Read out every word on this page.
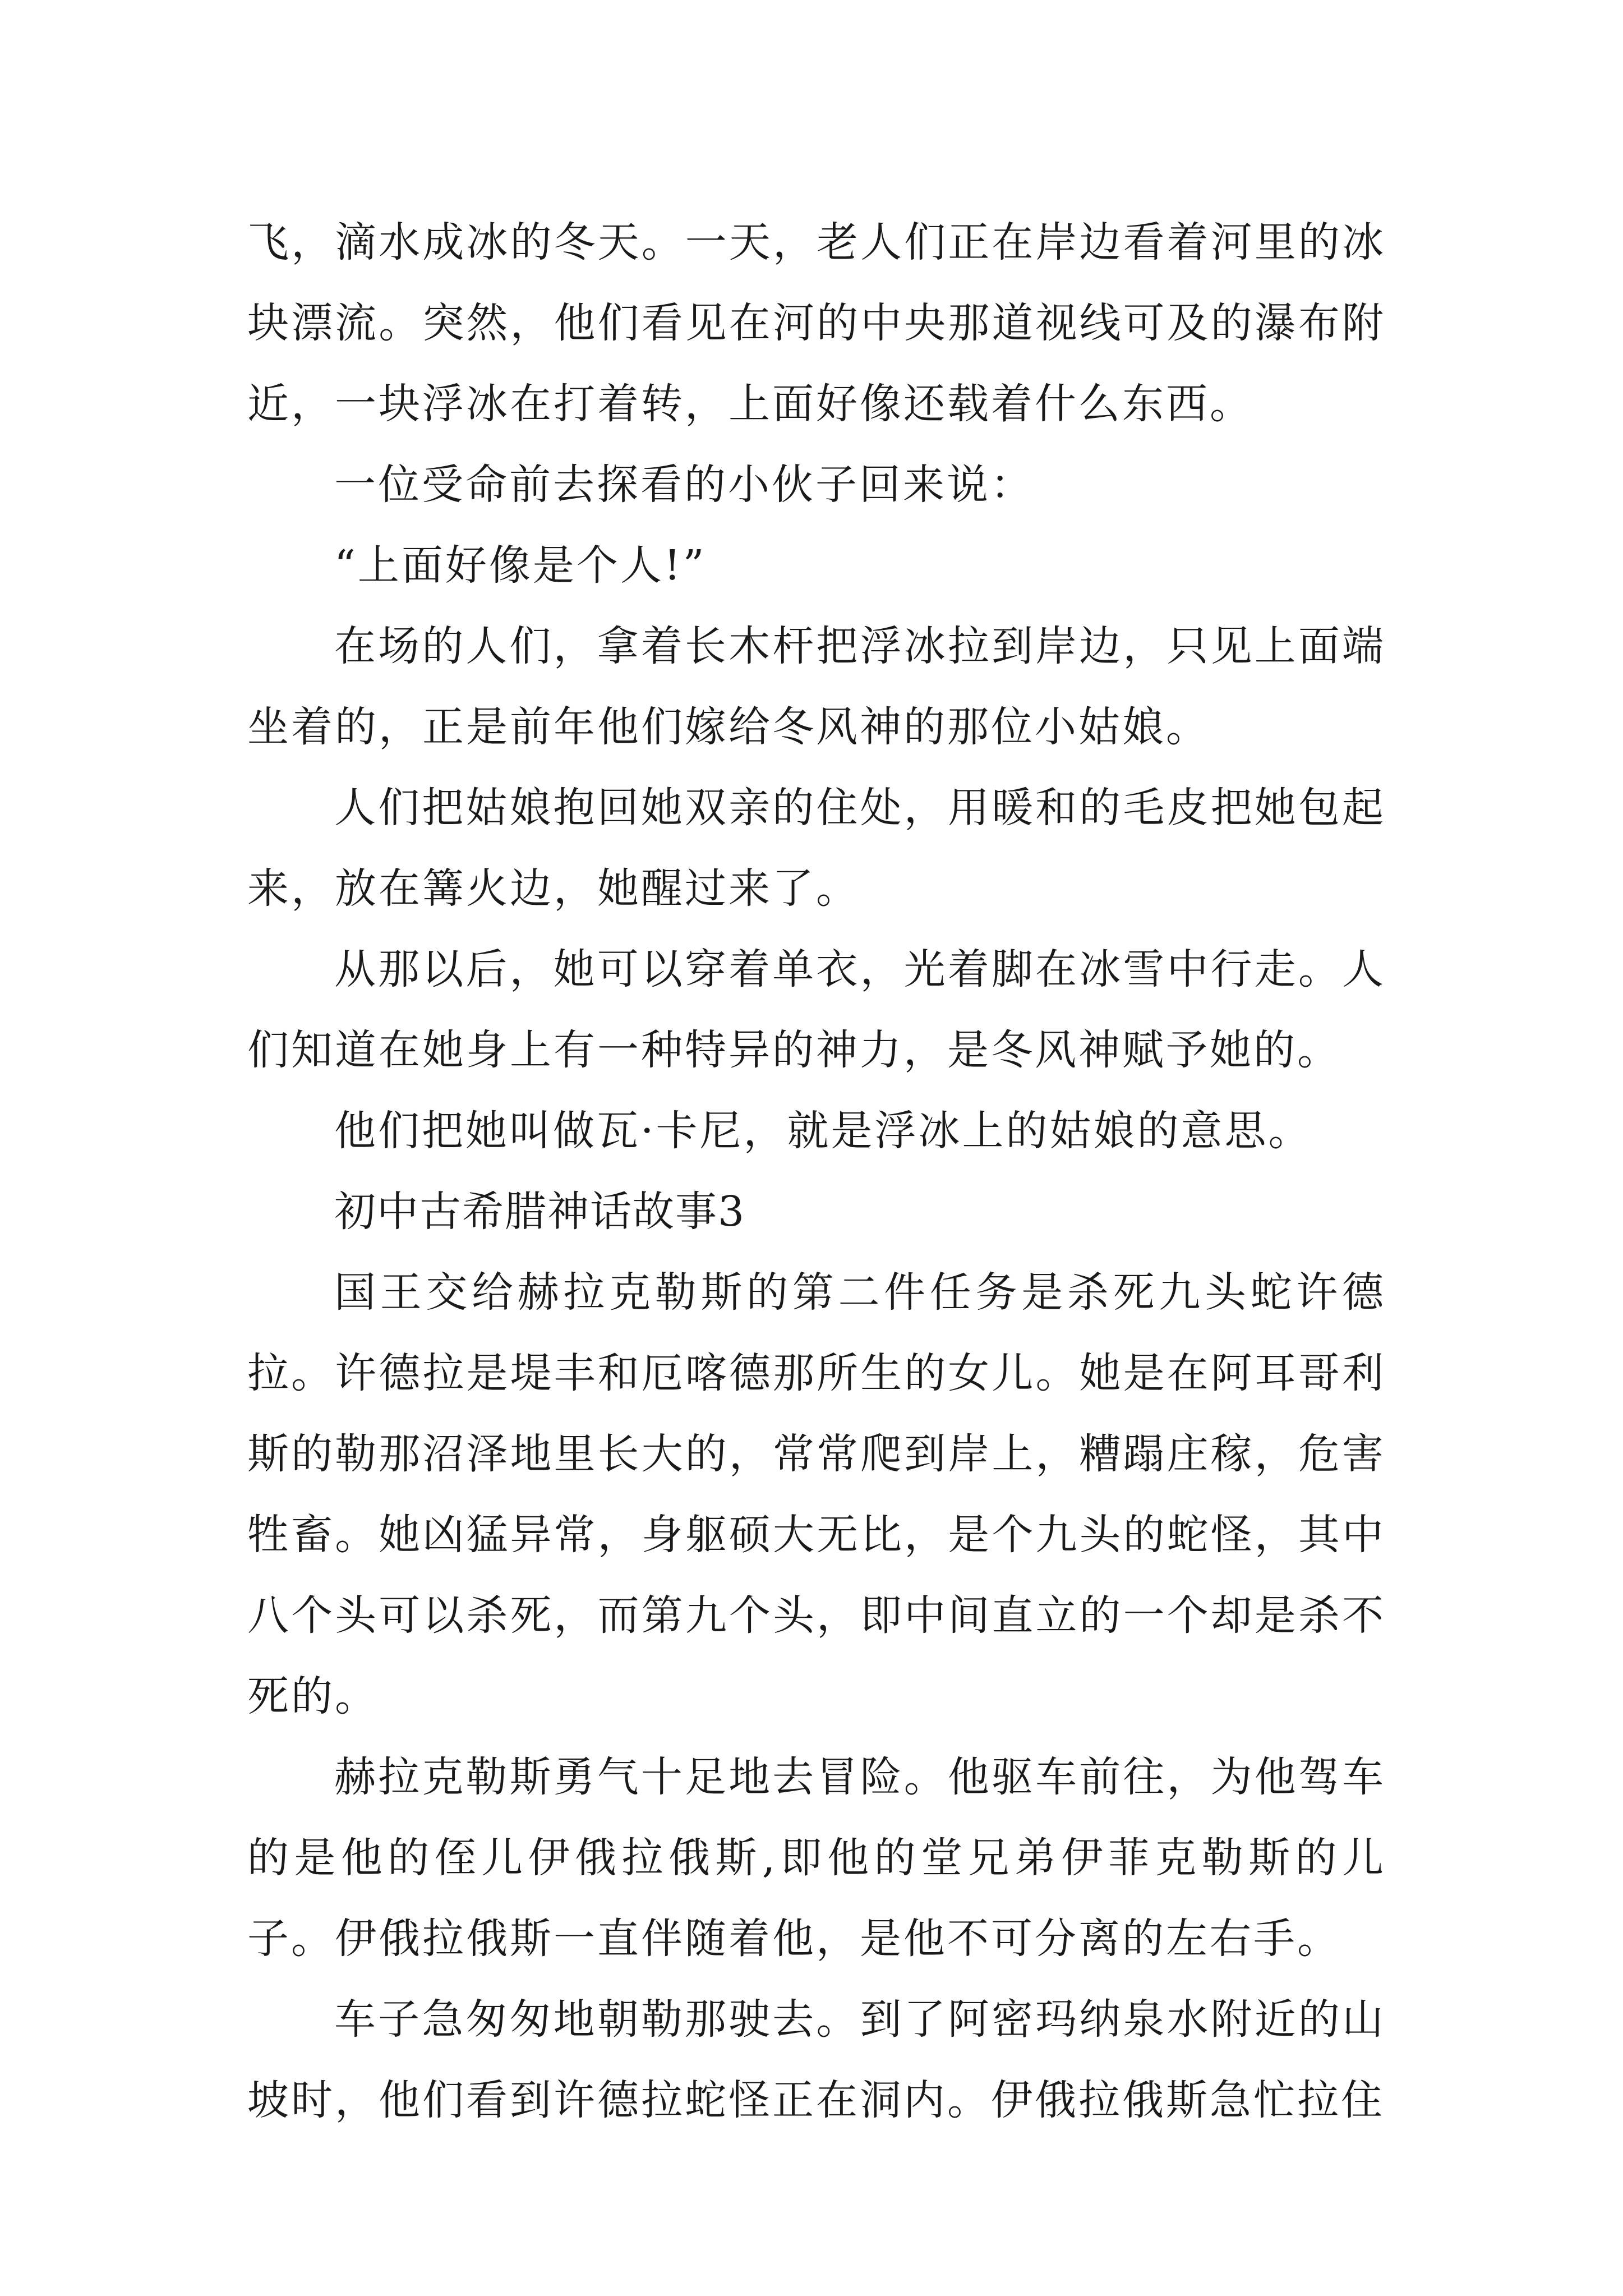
飞，滴水成冰的冬天。一天，老人们正在岸边看着河里的冰块漂流。突然，他们看见在河的中央那道视线可及的瀑布附近，一块浮冰在打着转，上面好像还载着什么东西。

一位受命前去探看的小伙子回来说：

“上面好像是个人!”

在场的人们，拿着长木杆把浮冰拉到岸边，只见上面端坐着的，正是前年他们嫁给冬风神的那位小姑娘。

人们把姑娘抱回她双亲的住处，用暖和的毛皮把她包起来，放在篝火边，她醒过来了。

从那以后，她可以穿着单衣，光着脚在冰雪中行走。人们知道在她身上有一种特异的神力，是冬风神赋予她的。

他们把她叫做瓦·卡尼，就是浮冰上的姑娘的意思。

初中古希腊神话故事3

国王交给赫拉克勒斯的第二件任务是杀死九头蛇许德拉。许德拉是堤丰和厄喀德那所生的女儿。她是在阿耳哥利斯的勒那沼泽地里长大的，常常爬到岸上，糟蹋庄稼，危害牲畜。她凶猛异常，身躯硕大无比，是个九头的蛇怪，其中八个头可以杀死，而第九个头，即中间直立的一个却是杀不死的。

赫拉克勒斯勇气十足地去冒险。他驱车前往，为他驾车的是他的侄儿伊俄拉俄斯,即他的堂兄弟伊菲克勒斯的儿子。伊俄拉俄斯一直伴随着他，是他不可分离的左右手。

车子急匆匆地朝勒那驶去。到了阿密玛纳泉水附近的山坡时，他们看到许德拉蛇怪正在洞内。伊俄拉俄斯急忙拉住
